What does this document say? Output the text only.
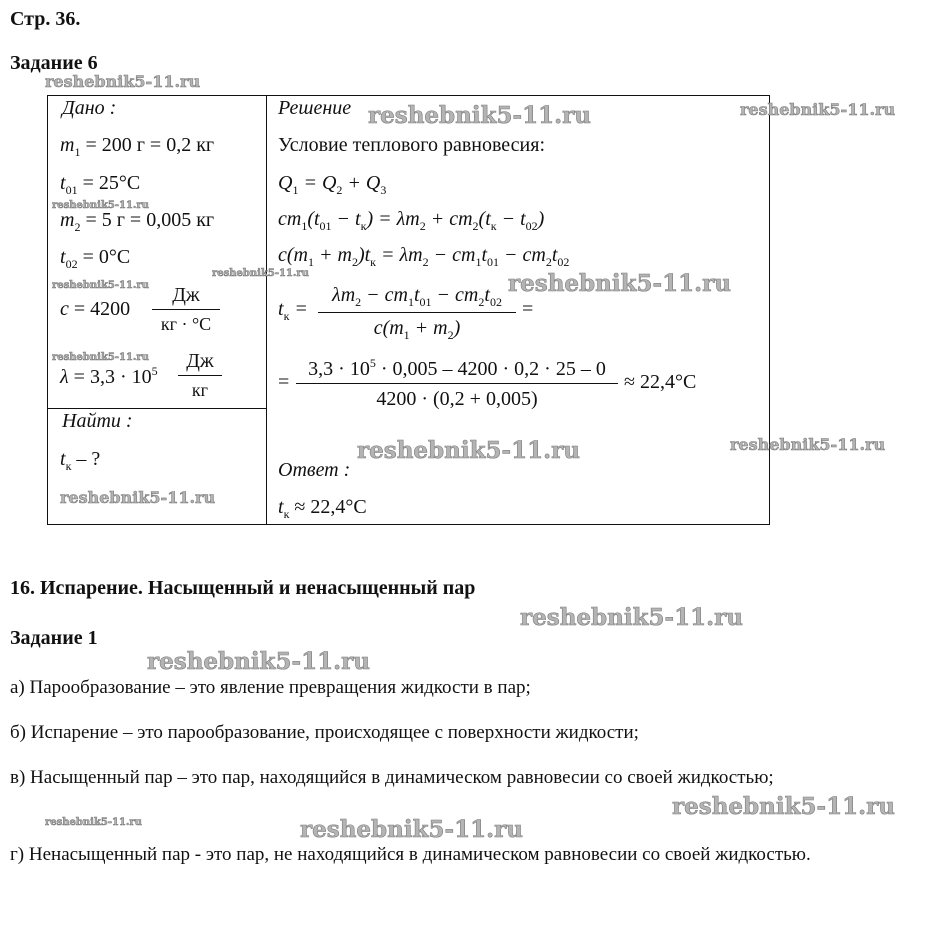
Стр. 36.
Задание 6

Дано :
$m_1 = 200$ г = 0,2 кг
$t_{01} = 25^\circ C$
$m_2 = 5$ г = 0,005 кг
$t_{02} = 0^\circ C$
c = 4200
Дж
кг · °C
$\lambda = 3,3 \cdot 10^5$	Дж
кг
Найти :
$t_к$ – ?
Решение
Условие теплового равновесия:
$Q_1 = Q_2 + Q_3$
$cm_1(t_{01} - t_к) = \lambda m_2 + cm_2(t_к - t_{02})$
$c(m_1 + m_2)t_к = \lambda m_2 - cm_1t_{01} - cm_2t_{02}$
$t_к = \frac{\lambda m_2 - cm_1t_{01} - cm_2t_{02}}{c(m_1 + m_2)}$ =
= $\frac{3,3 \cdot 10^5 \cdot 0,005 - 4200 \cdot 0,2 \cdot 25 - 0}{4200 \cdot (0,2 + 0,005)} \approx 22,4^\circ C$
Ответ :
$t_к \approx 22,4^\circ C$
16. Испарение. Насыщенный и ненасыщенный пар
Задание 1
а) Парообразование – это явление превращения жидкости в пар;
б) Испарение – это парообразование, происходящее с поверхности жидкости;
в) Насыщенный пар – это пар, находящийся в динамическом равновесии со своей жидкостью;
г) Ненасыщенный пар - это пар, не находящийся в динамическом равновесии со своей жидкостью.
reshebnik5-11.ru
reshebnik5-11.ru	reshebnik5-11.ru
reshebnik5-11.ru
reshebnik5-11.ru	reshebnik5-11.ru
reshebnik5-11.ru
reshebnik5-11.ru
reshebnik5-11.ru	reshebnik5-11.ru
reshebnik5-11.ru
reshebnik5-11.ru
reshebnik5-11.ru
reshebnik5-11.ru
reshebnik5-11.ru	reshebnik5-11.ru
